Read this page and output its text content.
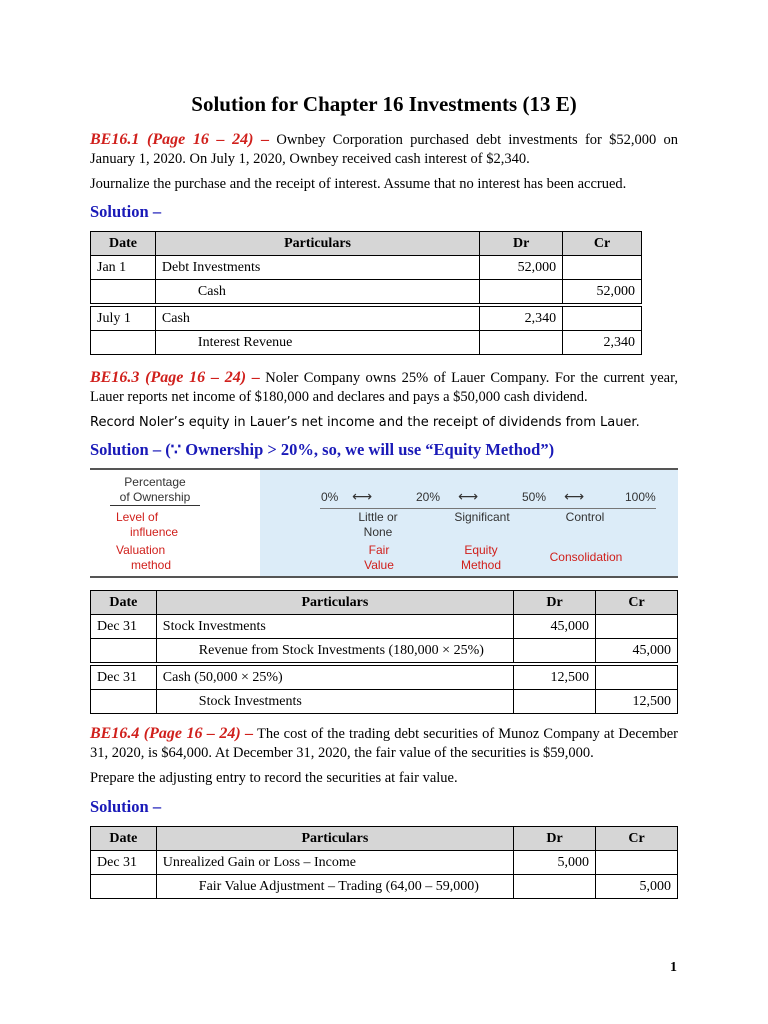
Solution for Chapter 16 Investments (13 E)
BE16.1 (Page 16 – 24) – Ownbey Corporation purchased debt investments for $52,000 on January 1, 2020. On July 1, 2020, Ownbey received cash interest of $2,340.
Journalize the purchase and the receipt of interest. Assume that no interest has been accrued.
Solution –
Date	Particulars	Dr	Cr
Jan 1	Debt Investments	52,000	
	Cash		52,000

July 1	Cash	2,340	
	Interest Revenue		2,340
BE16.3 (Page 16 – 24) – Noler Company owns 25% of Lauer Company. For the current year, Lauer reports net income of $180,000 and declares and pays a $50,000 cash dividend.
Record Noler’s equity in Lauer’s net income and the receipt of dividends from Lauer.
Solution – (∵ Ownership > 20%, so, we will use “Equity Method”)
Percentage
of Ownership
Level of
influence
Valuation
method
0%	20%	50%	100%
⟷	⟷	⟷
Little or
None
Significant	Control
Fair
Value
Equity
Method
Consolidation
Date	Particulars	Dr	Cr
Dec 31	Stock Investments	45,000	
	Revenue from Stock Investments (180,000 × 25%)		45,000

Dec 31	Cash (50,000 × 25%)	12,500	
	Stock Investments		12,500
BE16.4 (Page 16 – 24) – The cost of the trading debt securities of Munoz Company at December 31, 2020, is $64,000. At December 31, 2020, the fair value of the securities is $59,000.
Prepare the adjusting entry to record the securities at fair value.
Solution –
Date	Particulars	Dr	Cr
Dec 31	Unrealized Gain or Loss – Income	5,000	
	Fair Value Adjustment – Trading (64,00 – 59,000)		5,000
1
